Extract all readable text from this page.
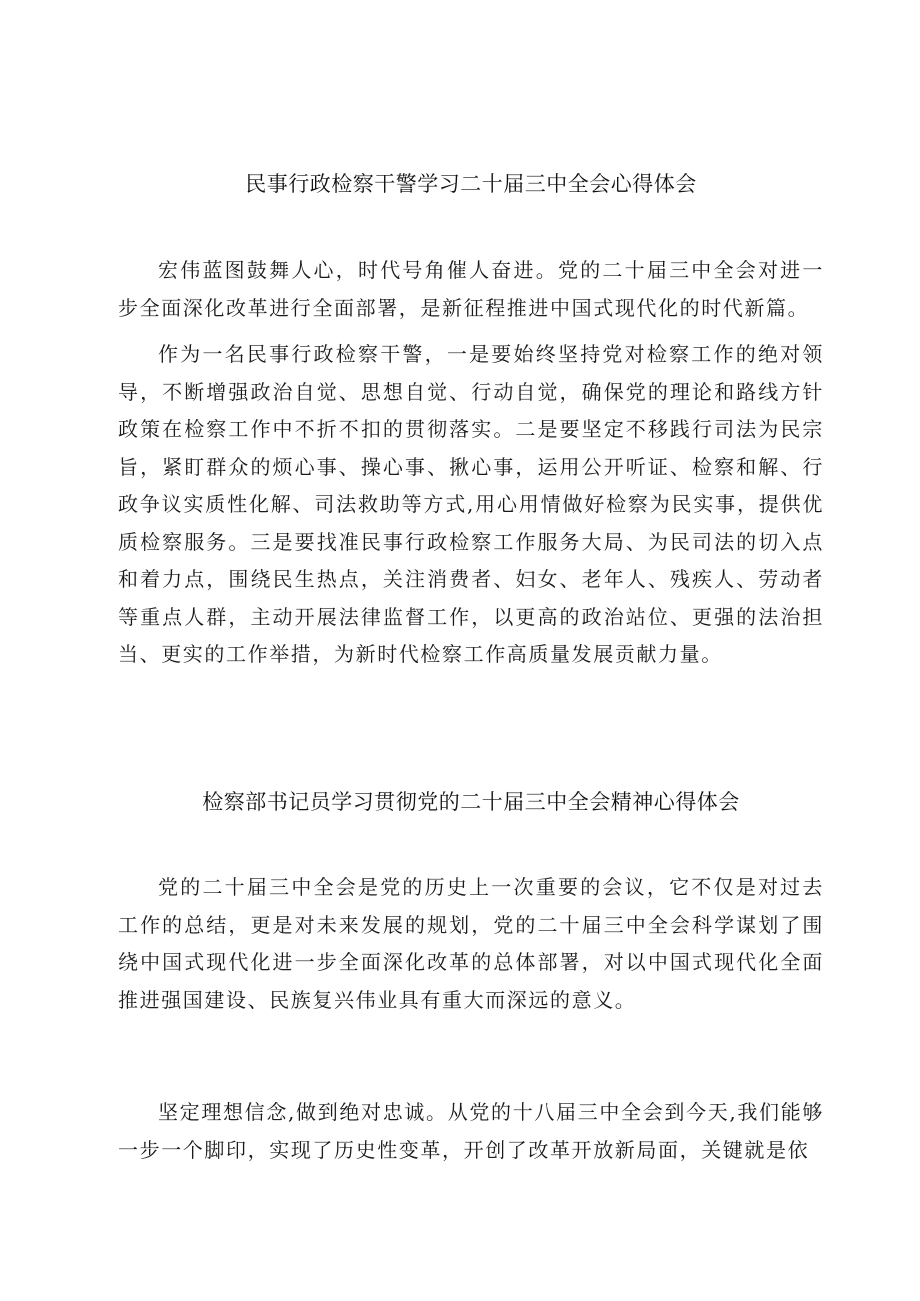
民事行政检察干警学习二十届三中全会心得体会

宏伟蓝图鼓舞人心，时代号角催人奋进。党的二十届三中全会对进一步全面深化改革进行全面部署，是新征程推进中国式现代化的时代新篇。

作为一名民事行政检察干警，一是要始终坚持党对检察工作的绝对领导，不断增强政治自觉、思想自觉、行动自觉，确保党的理论和路线方针政策在检察工作中不折不扣的贯彻落实。二是要坚定不移践行司法为民宗旨，紧盯群众的烦心事、操心事、揪心事，运用公开听证、检察和解、行政争议实质性化解、司法救助等方式,用心用情做好检察为民实事，提供优质检察服务。三是要找准民事行政检察工作服务大局、为民司法的切入点和着力点，围绕民生热点，关注消费者、妇女、老年人、残疾人、劳动者等重点人群，主动开展法律监督工作，以更高的政治站位、更强的法治担当、更实的工作举措，为新时代检察工作高质量发展贡献力量。

检察部书记员学习贯彻党的二十届三中全会精神心得体会

党的二十届三中全会是党的历史上一次重要的会议，它不仅是对过去工作的总结，更是对未来发展的规划，党的二十届三中全会科学谋划了围绕中国式现代化进一步全面深化改革的总体部署，对以中国式现代化全面推进强国建设、民族复兴伟业具有重大而深远的意义。

坚定理想信念,做到绝对忠诚。从党的十八届三中全会到今天,我们能够一步一个脚印，实现了历史性变革，开创了改革开放新局面，关键就是依
